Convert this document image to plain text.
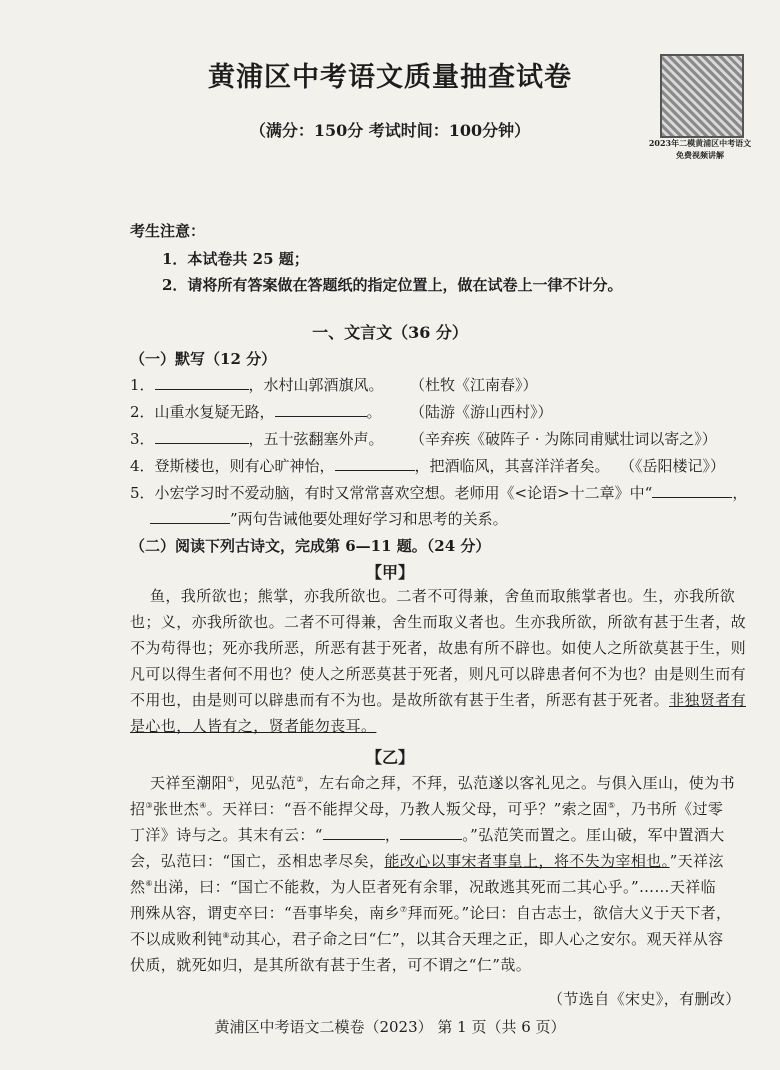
黄浦区中考语文质量抽查试卷
（满分：150分 考试时间：100分钟）
2023年二模黄浦区中考语文
免费视频讲解
考生注意：
1．本试卷共 25 题；
2．请将所有答案做在答题纸的指定位置上，做在试卷上一律不计分。
一、文言文（36 分）
（一）默写（12 分）
1．	，水村山郭酒旗风。 （杜牧《江南春》）
2．山重水复疑无路，	。 （陆游《游山西村》）
3．	，五十弦翻塞外声。 （辛弃疾《破阵子 · 为陈同甫赋壮词以寄之》）
4．登斯楼也，则有心旷神怡，	，把酒临风，其喜洋洋者矣。 （《岳阳楼记》）
5．小宏学习时不爱动脑，有时又常常喜欢空想。老师用《<论语>十二章》中“	，
”两句告诫他要处理好学习和思考的关系。
（二）阅读下列古诗文，完成第 6—11 题。（24 分）
【甲】
鱼，我所欲也；熊掌，亦我所欲也。二者不可得兼，舍鱼而取熊掌者也。生，亦我所欲
也；义，亦我所欲也。二者不可得兼，舍生而取义者也。生亦我所欲，所欲有甚于生者，故
不为苟得也；死亦我所恶，所恶有甚于死者，故患有所不辟也。如使人之所欲莫甚于生，则
凡可以得生者何不用也？使人之所恶莫甚于死者，则凡可以辟患者何不为也？由是则生而有
不用也，由是则可以辟患而有不为也。是故所欲有甚于生者，所恶有甚于死者。非独贤者有
是心也，人皆有之，贤者能勿丧耳。
【乙】
天祥至潮阳①，见弘范②，左右命之拜，不拜，弘范遂以客礼见之。与俱入厓山，使为书
招③张世杰④。天祥曰：“吾不能捍父母，乃教人叛父母，可乎？”索之固⑤，乃书所《过零
丁洋》诗与之。其末有云：“	，	。”弘范笑而置之。厓山破，军中置酒大
会，弘范曰：“国亡，丞相忠孝尽矣，能改心以事宋者事皇上，将不失为宰相也。”天祥泫
然⑥出涕，曰：“国亡不能救，为人臣者死有余罪，况敢逃其死而二其心乎。”……天祥临
刑殊从容，谓吏卒曰：“吾事毕矣，南乡⑦拜而死。”论曰：自古志士，欲信大义于天下者，
不以成败利钝⑧动其心，君子命之曰“仁”，以其合天理之正，即人心之安尔。观天祥从容
伏质，就死如归，是其所欲有甚于生者，可不谓之“仁”哉。
（节选自《宋史》，有删改）
黄浦区中考语文二模卷（2023） 第 1 页（共 6 页）
